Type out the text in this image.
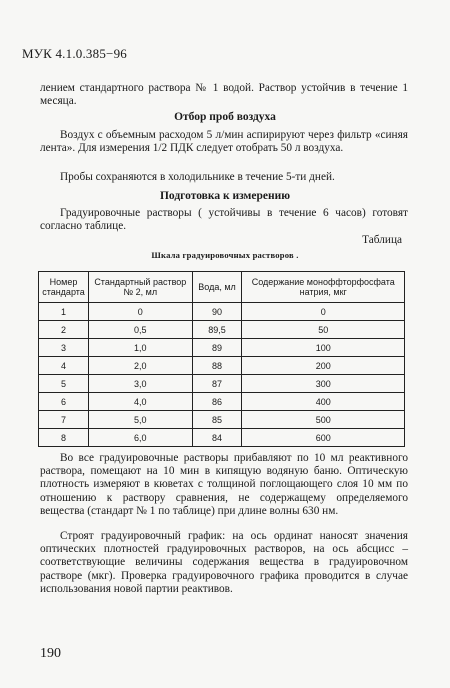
МУК 4.1.0.385−96
лением стандартного раствора № 1 водой. Раствор устойчив в течение 1 месяца.
Отбор проб воздуха
Воздух с объемным расходом 5 л/мин аспирируют через фильтр «синяя лента». Для измерения 1/2 ПДК следует отобрать 50 л воздуха.
Пробы сохраняются в холодильнике в течение 5-ти дней.
Подготовка к измерению
Градуировочные растворы ( устойчивы в течение 6 часов) готовят согласно таблице.
Таблица
Шкала градуировочных растворов .
Номер стандарта	Стандартный раствор № 2, мл	Вода, мл	Содержание моноффторфосфата натрия, мкг
1	0	90	0
2	0,5	89,5	50
3	1,0	89	100
4	2,0	88	200
5	3,0	87	300
6	4,0	86	400
7	5,0	85	500
8	6,0	84	600
Во все градуировочные растворы прибавляют по 10 мл реактивного раствора, помещают на 10 мин в кипящую водяную баню. Оптическую плотность измеряют в кюветах с толщиной поглощающего слоя 10 мм по отношению к раствору сравнения, не содержащему определяемого вещества (стандарт № 1 по таблице) при длине волны 630 нм.
Строят градуировочный график: на ось ординат наносят значения оптических плотностей градуировочных растворов, на ось абсцисс – соответствующие величины содержания вещества в градуировочном растворе (мкг). Проверка градуировочного графика проводится в случае использования новой партии реактивов.
190
